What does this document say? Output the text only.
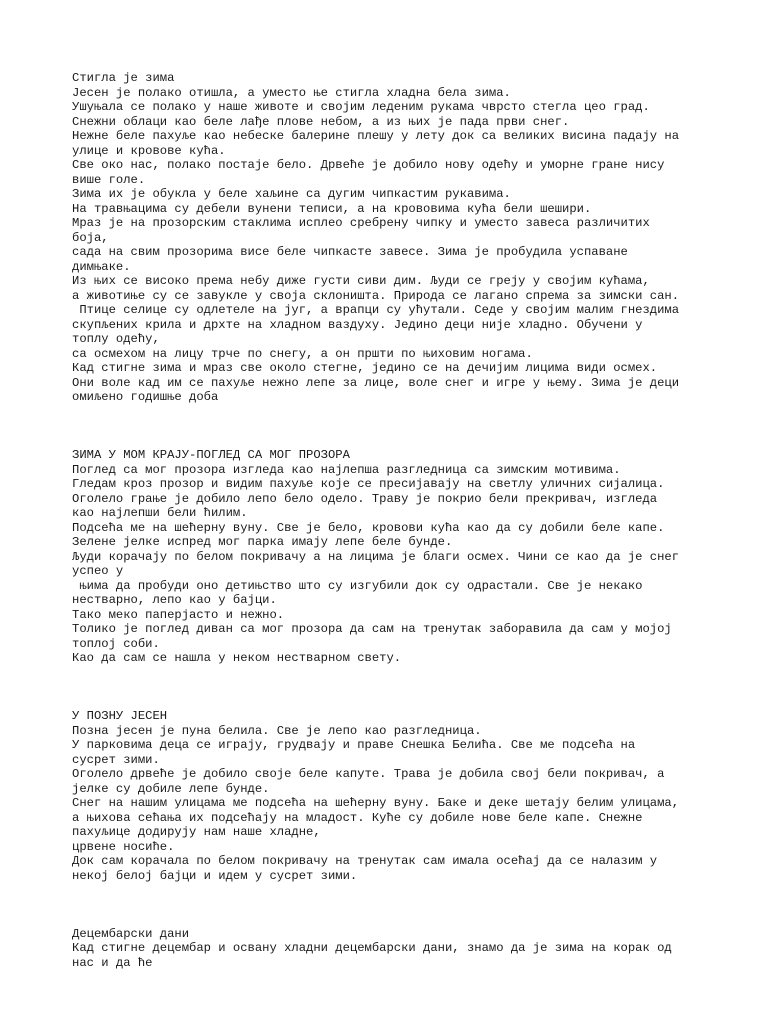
Стигла је зима
Јесен је полако отишла, а уместо ње стигла хладна бела зима.
Ушуњала се полако у наше животе и својим леденим рукама чврсто стегла цео град.
Снежни облаци као беле лађе плове небом, а из њих је пада први снег.
Нежне беле пахуље као небеске балерине плешу у лету док са великих висина падају на
улице и кровове кућа.
Све око нас, полако постаје бело. Дрвеће је добило нову одећу и уморне гране нису
више голе.
Зима их је обукла у беле хаљине са дугим чипкастим рукавима.
На травњацима су дебели вунени теписи, а на крововима кућа бели шешири.
Мраз је на прозорским стаклима исплео сребрену чипку и уместо завеса различитих
боја,
сада на свим прозорима висе беле чипкасте завесе. Зима је пробудила успаване
димњаке.
Из њих се високо према небу диже густи сиви дим. Људи се грeју у својим кућама,
а животиње су се завукле у своја склоништа. Природа се лагано спрема за зимски сан.
Птице селице су одлетеле на југ, а врапци су ућутали. Седе у својим малим гнездима
скупљених крила и дрхте на хладном ваздуху. Једино деци није хладно. Обучени у
топлу одећу,
са осмехом на лицу трче по снегу, а он пршти по њиховим ногама.
Кад стигне зима и мраз све около стегне, једино се на дечијим лицима види осмех.
Они воле кад им се пахуље нежно лепе за лице, воле снег и игре у њему. Зима је деци
омиљено годишње доба
ЗИМА У МОМ КРАЈУ-ПОГЛЕД СА МОГ ПРОЗОРА
Поглед са мог прозора изгледа као најлепша разгледница са зимским мотивима.
Гледам кроз прозор и видим пахуље које се пресијавају на светлу уличних сијалица.
Оголело грање је добило лепо бело одело. Траву је покрио бели прекривач, изгледа
као најлепши бели ћилим.
Подсећа ме на шећерну вуну. Све је бело, кровови кућа као да су добили беле капе.
Зелене јелке испред мог парка имају лепе беле бунде.
Људи корачају по белом покривачу а на лицима је благи осмех. Чини се као да је снег
успео у
њима да пробуди оно детињство што су изгубили док су одрастали. Све је некако
нестварно, лепо као у бајци.
Тако меко паперјасто и нежно.
Толико је поглед диван са мог прозора да сам на тренутак заборавила да сам у мојој
топлој соби.
Као да сам се нашла у неком нестварном свету.
У ПОЗНУ ЈЕСЕН
Позна јесен је пуна белила. Све је лепо као разгледница.
У парковима деца се играју, грудвају и праве Снешка Белића. Све ме подсећа на
сусрет зими.
Оголело дрвеће је добило своје беле капуте. Трава је добила свој бели покривач, а
јелке су добиле лепе бунде.
Снег на нашим улицама ме подсећа на шећерну вуну. Баке и деке шетају белим улицама,
а њихова сећања их подсећају на младост. Куће су добиле нове беле капе. Снежне
пахуљице додирују нам наше хладне,
црвене носиће.
Док сам корачала по белом покривачу на тренутак сам имала осећај да се налазим у
некој белој бајци и идем у сусрет зими.
Децембарски дани
Кад стигне децембар и освану хладни децембарски дани, знамо да је зима на корак од
нас и да ће
